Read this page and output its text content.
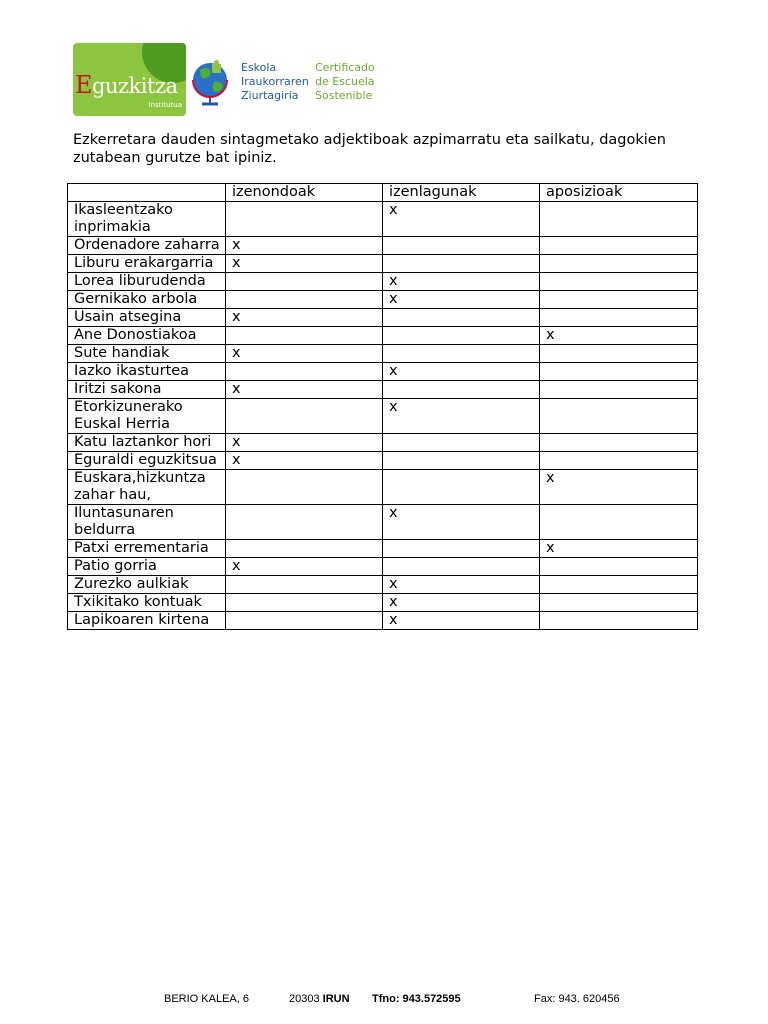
Eguzkitza
Institutua
Eskola
Iraukorraren
Ziurtagiria
Certificado
de Escuela
Sostenible
Ezkerretara dauden sintagmetako adjektiboak azpimarratu eta sailkatu, dagokien zutabean gurutze bat ipiniz.
	izenondoak	izenlagunak	aposizioak
Ikasleentzako inprimakia		x	
Ordenadore zaharra	x		
Liburu erakargarria	x		
Lorea liburudenda		x	
Gernikako arbola		x	
Usain atsegina	x		
Ane Donostiakoa			x
Sute handiak	x		
Iazko ikasturtea		x	
Iritzi sakona	x		
Etorkizunerako Euskal Herria		x	
Katu laztankor hori	x		
Eguraldi eguzkitsua	x		
Euskara,hizkuntza zahar hau,			x
Iluntasunaren beldurra		x	
Patxi errementaria			x
Patio gorria	x		
Zurezko aulkiak		x	
Txikitako kontuak		x	
Lapikoaren kirtena		x	
BERIO KALEA, 6	20303 IRUN Tfno: 943.572595	Fax: 943. 620456
